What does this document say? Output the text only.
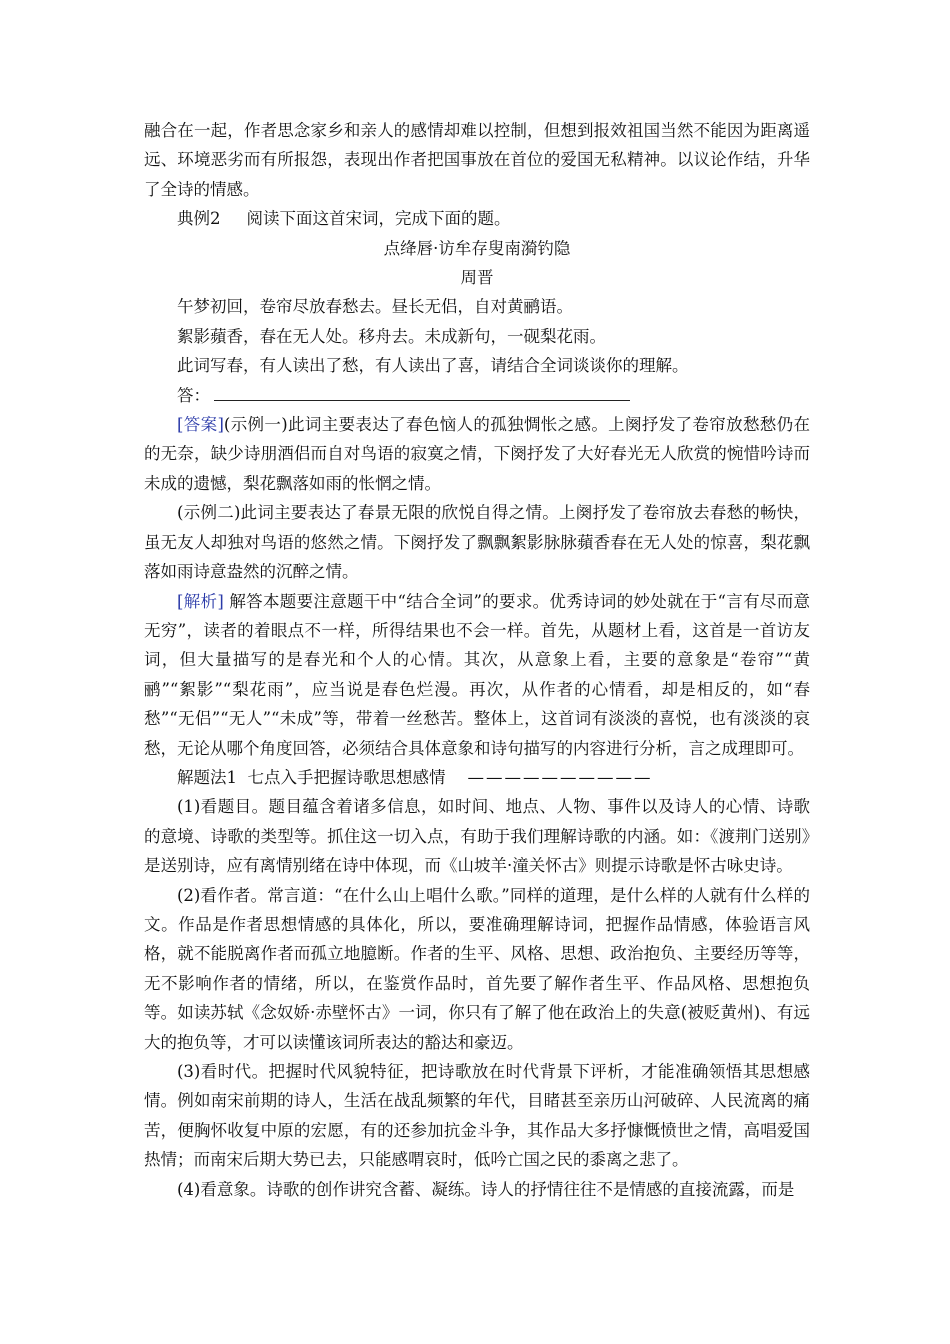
融合在一起，作者思念家乡和亲人的感情却难以控制，但想到报效祖国当然不能因为距离遥远、环境恶劣而有所报怨，表现出作者把国事放在首位的爱国无私精神。以议论作结，升华了全诗的情感。

典例2 阅读下面这首宋词，完成下面的题。

点绛唇·访牟存叟南漪钓隐

周晋

午梦初回，卷帘尽放春愁去。昼长无侣，自对黄鹂语。

絮影蘋香，春在无人处。移舟去。未成新句，一砚梨花雨。

此词写春，有人读出了愁，有人读出了喜，请结合全词谈谈你的理解。

答：

[答案](示例一)此词主要表达了春色恼人的孤独惆怅之感。上阕抒发了卷帘放愁愁仍在的无奈，缺少诗朋酒侣而自对鸟语的寂寞之情，下阕抒发了大好春光无人欣赏的惋惜吟诗而未成的遗憾，梨花飘落如雨的怅惘之情。

(示例二)此词主要表达了春景无限的欣悦自得之情。上阕抒发了卷帘放去春愁的畅快，虽无友人却独对鸟语的悠然之情。下阕抒发了飘飘絮影脉脉蘋香春在无人处的惊喜，梨花飘落如雨诗意盎然的沉醉之情。

[解析] 解答本题要注意题干中“结合全词”的要求。优秀诗词的妙处就在于“言有尽而意无穷”，读者的着眼点不一样，所得结果也不会一样。首先，从题材上看，这首是一首访友词，但大量描写的是春光和个人的心情。其次，从意象上看，主要的意象是“卷帘”“黄鹂”“絮影”“梨花雨”，应当说是春色烂漫。再次，从作者的心情看，却是相反的，如“春愁”“无侣”“无人”“未成”等，带着一丝愁苦。整体上，这首词有淡淡的喜悦，也有淡淡的哀愁，无论从哪个角度回答，必须结合具体意象和诗句描写的内容进行分析，言之成理即可。

解题法1 七点入手把握诗歌思想感情 ——————————

(1)看题目。题目蕴含着诸多信息，如时间、地点、人物、事件以及诗人的心情、诗歌的意境、诗歌的类型等。抓住这一切入点，有助于我们理解诗歌的内涵。如：《渡荆门送别》是送别诗，应有离情别绪在诗中体现，而《山坡羊·潼关怀古》则提示诗歌是怀古咏史诗。

(2)看作者。常言道：“在什么山上唱什么歌。”同样的道理，是什么样的人就有什么样的文。作品是作者思想情感的具体化，所以，要准确理解诗词，把握作品情感，体验语言风格，就不能脱离作者而孤立地臆断。作者的生平、风格、思想、政治抱负、主要经历等等，无不影响作者的情绪，所以，在鉴赏作品时，首先要了解作者生平、作品风格、思想抱负等。如读苏轼《念奴娇·赤壁怀古》一词，你只有了解了他在政治上的失意(被贬黄州)、有远大的抱负等，才可以读懂该词所表达的豁达和豪迈。

(3)看时代。把握时代风貌特征，把诗歌放在时代背景下评析，才能准确领悟其思想感情。例如南宋前期的诗人，生活在战乱频繁的年代，目睹甚至亲历山河破碎、人民流离的痛苦，便胸怀收复中原的宏愿，有的还参加抗金斗争，其作品大多抒慷慨愤世之情，高唱爱国热情；而南宋后期大势已去，只能感喟哀时，低吟亡国之民的黍离之悲了。

(4)看意象。诗歌的创作讲究含蓄、凝练。诗人的抒情往往不是情感的直接流露，而是
